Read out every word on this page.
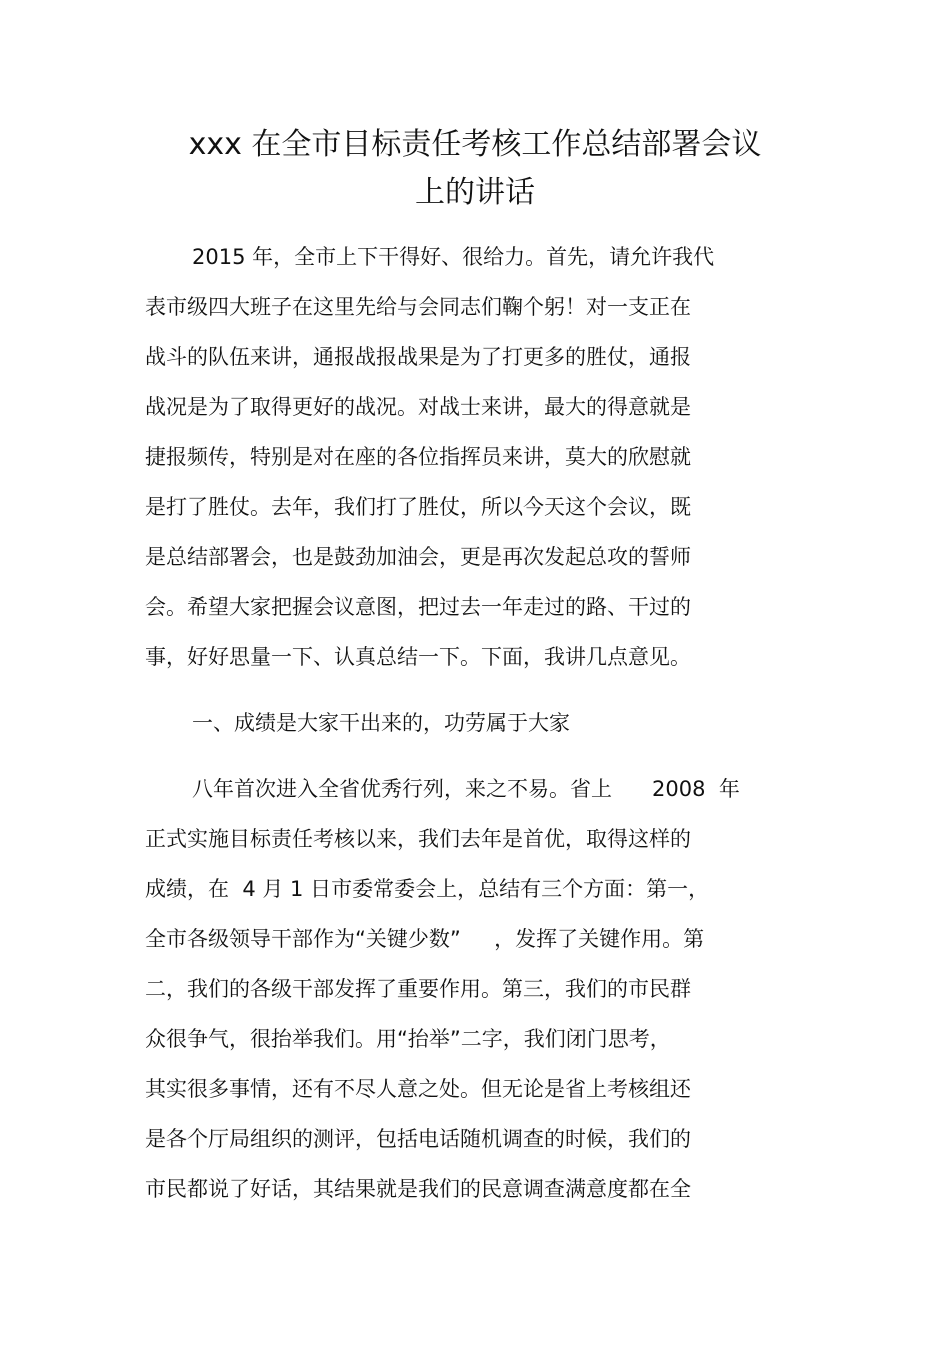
xxx 在全市目标责任考核工作总结部署会议
上的讲话
2015 年，全市上下干得好、很给力。首先，请允许我代
表市级四大班子在这里先给与会同志们鞠个躬！对一支正在
战斗的队伍来讲，通报战报战果是为了打更多的胜仗，通报
战况是为了取得更好的战况。对战士来讲，最大的得意就是
捷报频传，特别是对在座的各位指挥员来讲，莫大的欣慰就
是打了胜仗。去年，我们打了胜仗，所以今天这个会议，既
是总结部署会，也是鼓劲加油会，更是再次发起总攻的誓师
会。希望大家把握会议意图，把过去一年走过的路、干过的
事，好好思量一下、认真总结一下。下面，我讲几点意见。
一、成绩是大家干出来的，功劳属于大家
八年首次进入全省优秀行列，来之不易。省上      2008  年
正式实施目标责任考核以来，我们去年是首优，取得这样的
成绩，在  4 月 1 日市委常委会上，总结有三个方面：第一，
全市各级领导干部作为“关键少数”     ，发挥了关键作用。第
二，我们的各级干部发挥了重要作用。第三，我们的市民群
众很争气，很抬举我们。用“抬举”二字，我们闭门思考，
其实很多事情，还有不尽人意之处。但无论是省上考核组还
是各个厅局组织的测评，包括电话随机调查的时候，我们的
市民都说了好话，其结果就是我们的民意调查满意度都在全
